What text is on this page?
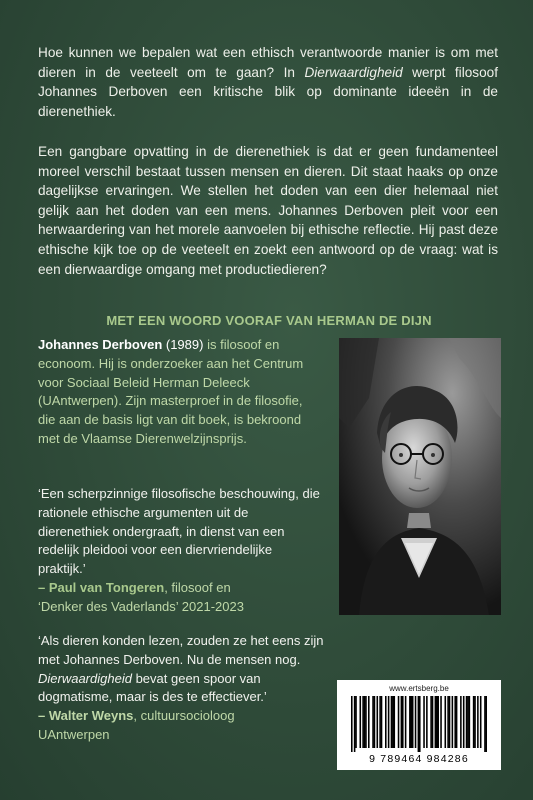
Hoe kunnen we bepalen wat een ethisch verantwoorde manier is om met dieren in de veeteelt om te gaan? In Dierwaardigheid werpt filosoof Johannes Derboven een kritische blik op dominante ideeën in de dierenethiek.

Een gangbare opvatting in de dierenethiek is dat er geen fundamenteel moreel verschil bestaat tussen mensen en dieren. Dit staat haaks op onze dagelijkse ervaringen. We stellen het doden van een dier helemaal niet gelijk aan het doden van een mens. Johannes Derboven pleit voor een herwaardering van het morele aanvoelen bij ethische reflectie. Hij past deze ethische kijk toe op de veeteelt en zoekt een antwoord op de vraag: wat is een dierwaardige omgang met productiedieren?

MET EEN WOORD VOORAF VAN HERMAN DE DIJN

Johannes Derboven (1989) is filosoof en econoom. Hij is onderzoeker aan het Centrum voor Sociaal Beleid Herman Deleeck (UAntwerpen). Zijn masterproef in de filosofie, die aan de basis ligt van dit boek, is bekroond met de Vlaamse Dierenwelzijnsprijs.

‘Een scherpzinnige filosofische beschouwing, die rationele ethische argumenten uit de dierenethiek ondergraaft, in dienst van een redelijk pleidooi voor een diervriendelijke praktijk.’
– Paul van Tongeren, filosoof en
‘Denker des Vaderlands’ 2021-2023

‘Als dieren konden lezen, zouden ze het eens zijn met Johannes Derboven. Nu de mensen nog. Dierwaardigheid bevat geen spoor van dogmatisme, maar is des te effectiever.’
– Walter Weyns, cultuursocioloog
UAntwerpen

www.ertsberg.be
9 789464 984286
